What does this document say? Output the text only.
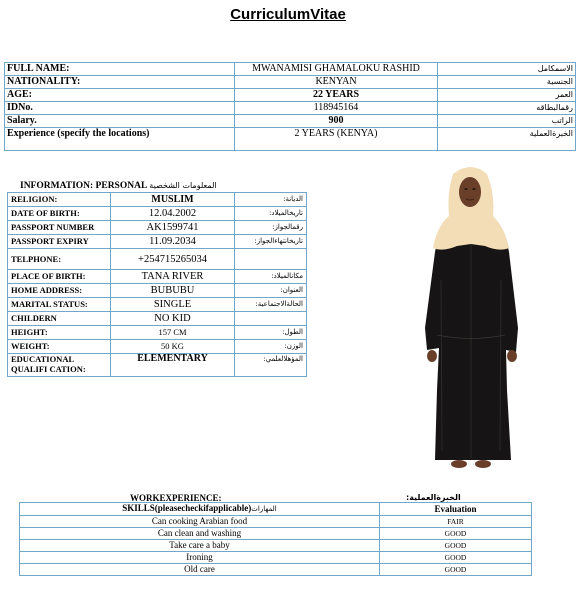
CurriculumVitae
FULL NAME:	MWANAMISI GHAMALOKU RASHID	الاسمكامل
NATIONALITY:	KENYAN	الجنسية
AGE:	22 YEARS	العمر
IDNo.	118945164	رقمالبطاقه
Salary.	900	الراتب
Experience (specify the locations)	2 YEARS (KENYA)	الخبرةالعملية
INFORMATION: PERSONAL المعلومات الشخصية
RELIGION:	MUSLIM	:الديانة
DATE OF BIRTH:	12.04.2002	:تاريخالميلاد
PASSPORT NUMBER	AK1599741	:رقمالجواز
PASSPORT EXPIRY	11.09.2034	:تاريخانتهاءالجواز
TELPHONE:	+254715265034	
PLACE OF BIRTH:	TANA RIVER	:مكانالميلاد
HOME ADDRESS:	BUBUBU	:العنوان
MARITAL STATUS:	SINGLE	:الحالةالاجتماعية
CHILDERN	NO KID	
HEIGHT:	157 CM	:الطول
WEIGHT:	50 KG	:الوزن
EDUCATIONAL QUALIFI CATION:	ELEMENTARY	:المؤهلالعلمي
WORKEXPERIENCE:	:الخبرةالعملية
SKILLS(pleasecheckifapplicable)المهارات	Evaluation
Can cooking Arabian food	FAIR
Can clean and washing	GOOD
Take care a baby	GOOD
Ironing	GOOD
Old care	GOOD
